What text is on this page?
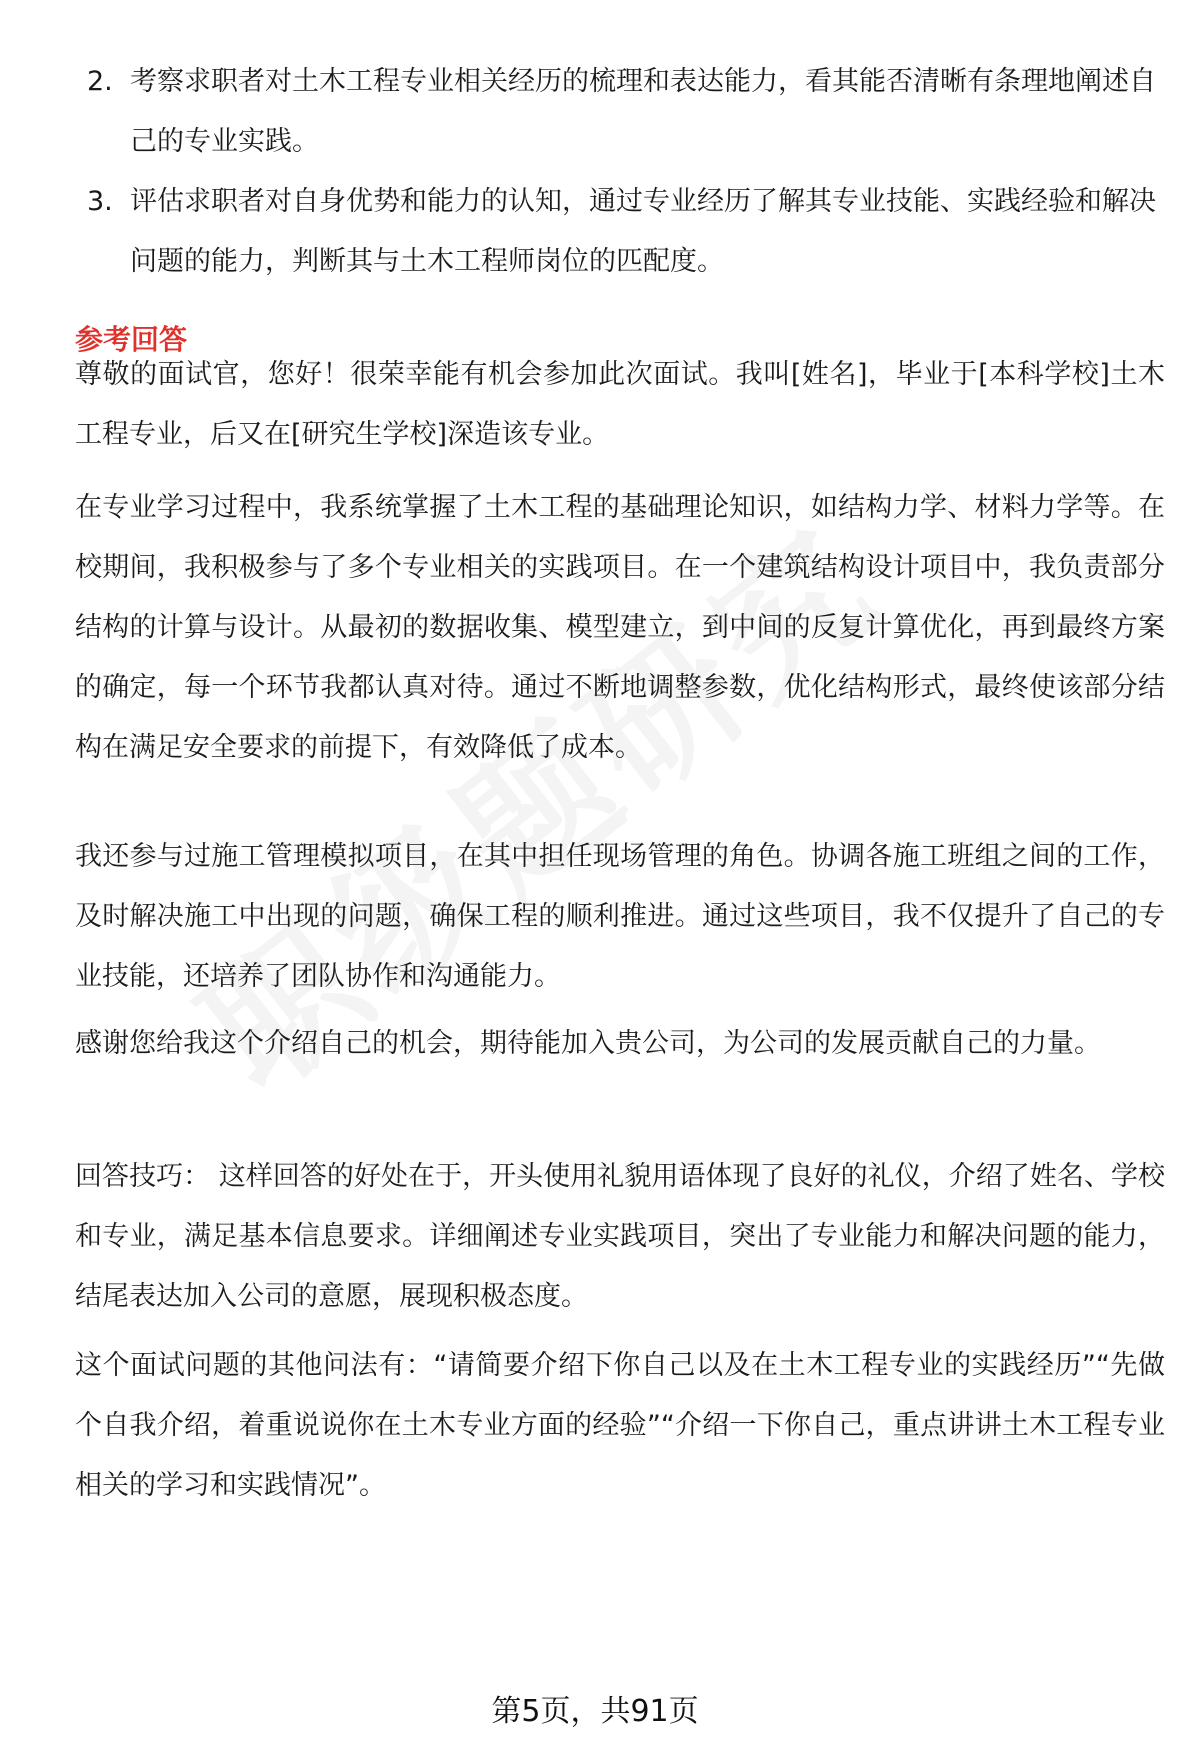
2. 考察求职者对土木工程专业相关经历的梳理和表达能力，看其能否清晰有条理地阐述自己的专业实践。
3. 评估求职者对自身优势和能力的认知，通过专业经历了解其专业技能、实践经验和解决问题的能力，判断其与土木工程师岗位的匹配度。
参考回答

尊敬的面试官，您好！很荣幸能有机会参加此次面试。我叫[姓名]，毕业于[本科学校]土木工程专业，后又在[研究生学校]深造该专业。

在专业学习过程中，我系统掌握了土木工程的基础理论知识，如结构力学、材料力学等。在校期间，我积极参与了多个专业相关的实践项目。在一个建筑结构设计项目中，我负责部分结构的计算与设计。从最初的数据收集、模型建立，到中间的反复计算优化，再到最终方案的确定，每一个环节我都认真对待。通过不断地调整参数，优化结构形式，最终使该部分结构在满足安全要求的前提下，有效降低了成本。

我还参与过施工管理模拟项目，在其中担任现场管理的角色。协调各施工班组之间的工作，及时解决施工中出现的问题，确保工程的顺利推进。通过这些项目，我不仅提升了自己的专业技能，还培养了团队协作和沟通能力。

感谢您给我这个介绍自己的机会，期待能加入贵公司，为公司的发展贡献自己的力量。

回答技巧： 这样回答的好处在于，开头使用礼貌用语体现了良好的礼仪，介绍了姓名、学校和专业，满足基本信息要求。详细阐述专业实践项目，突出了专业能力和解决问题的能力，结尾表达加入公司的意愿，展现积极态度。

这个面试问题的其他问法有：“请简要介绍下你自己以及在土木工程专业的实践经历”“先做个自我介绍，着重说说你在土木专业方面的经验”“介绍一下你自己，重点讲讲土木工程专业相关的学习和实践情况”。

第5页，共91页
